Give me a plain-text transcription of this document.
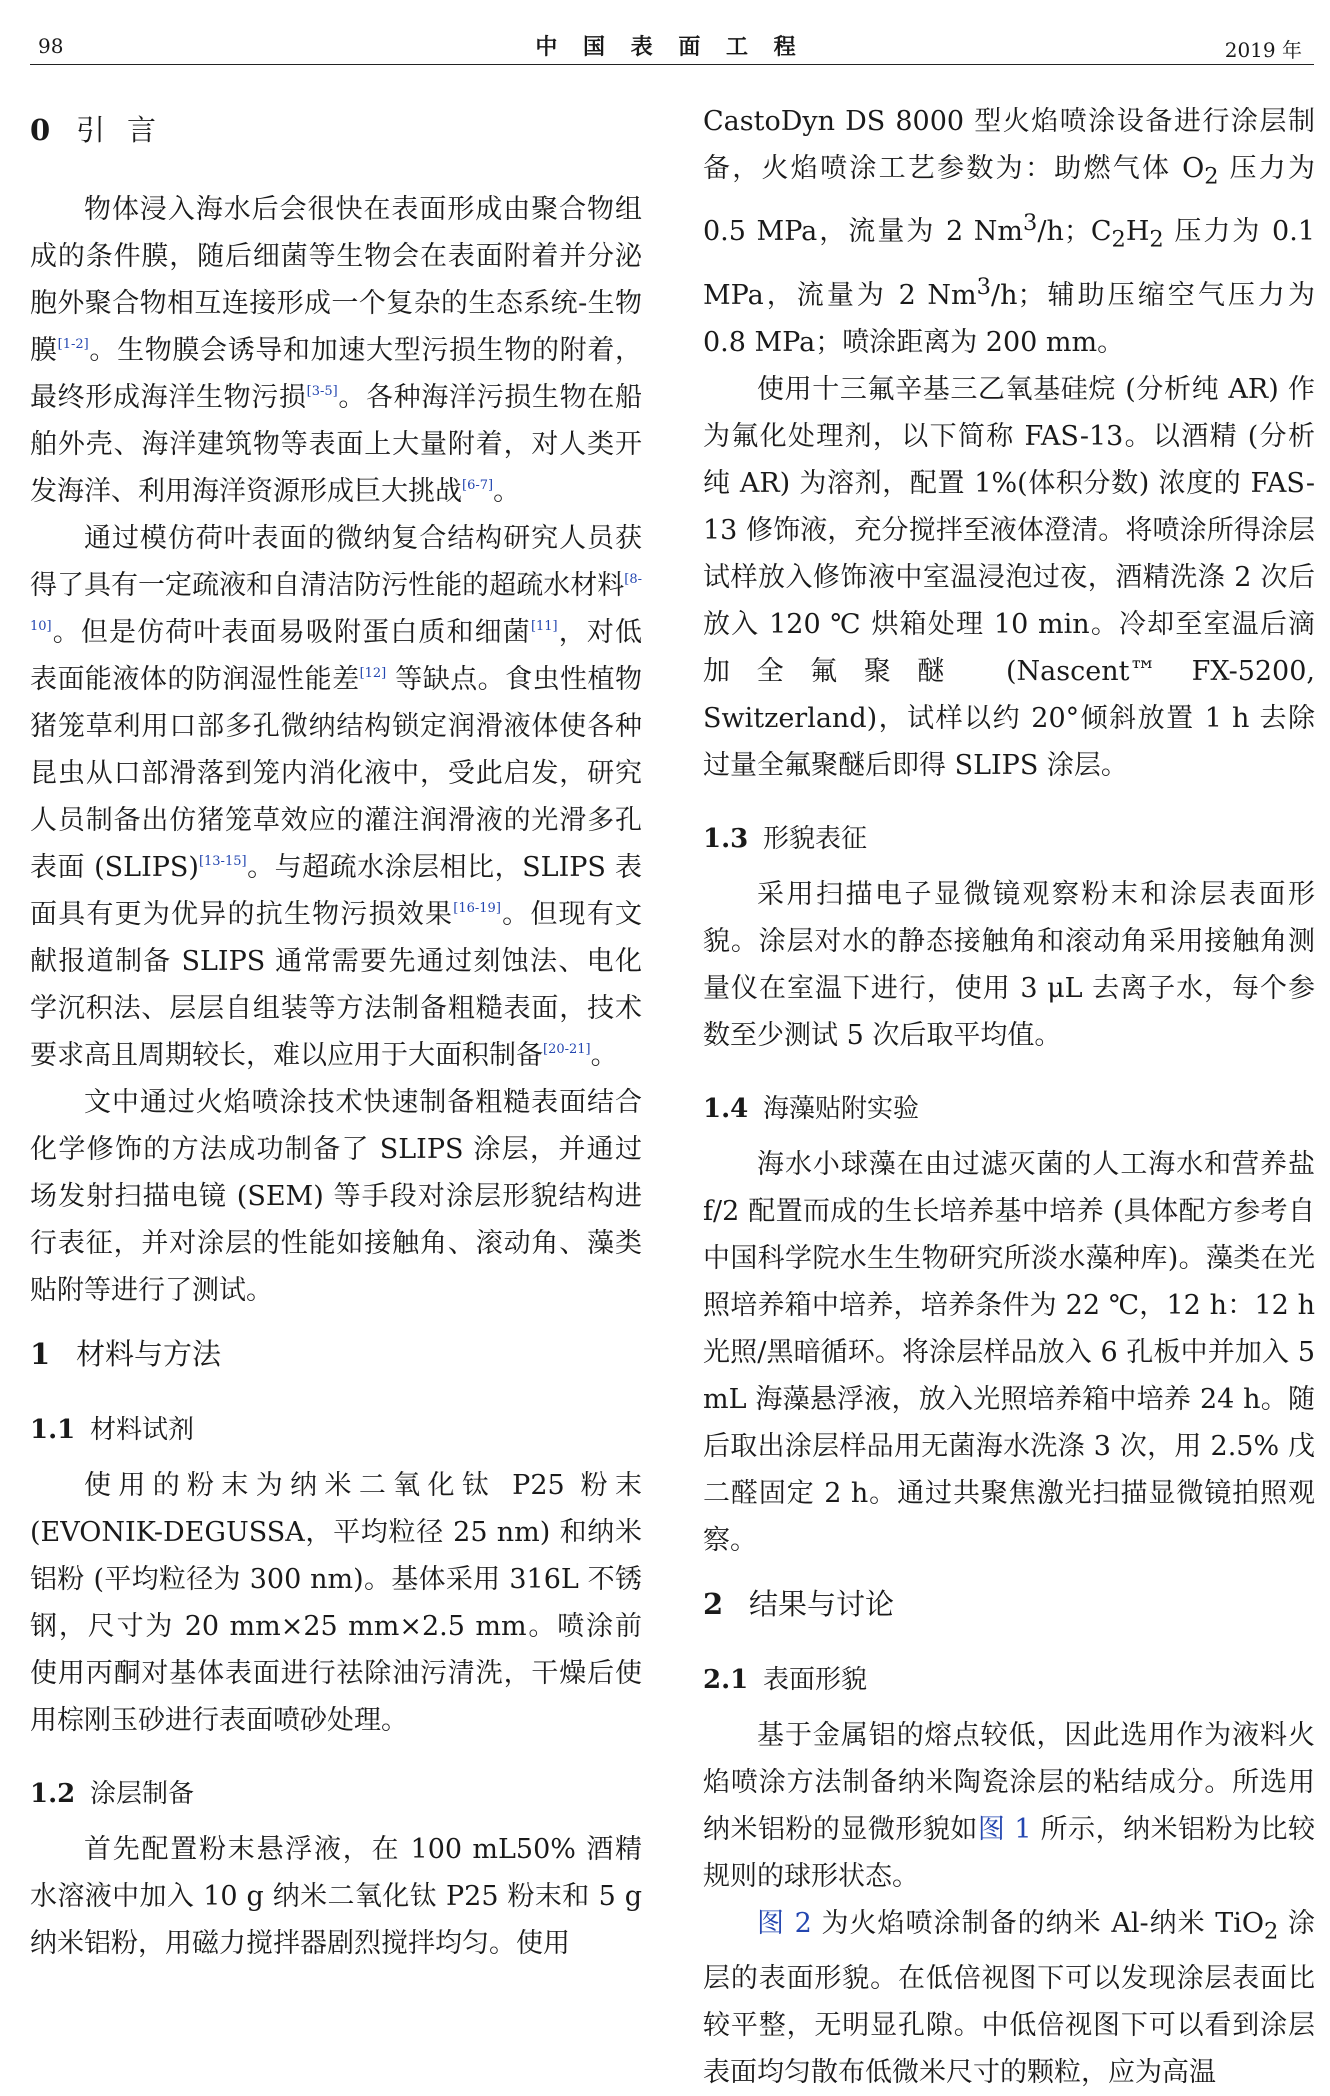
98	中 国 表 面 工 程	2019 年
0 引言

物体浸入海水后会很快在表面形成由聚合物组成的条件膜，随后细菌等生物会在表面附着并分泌胞外聚合物相互连接形成一个复杂的生态系统-生物膜[1-2]。生物膜会诱导和加速大型污损生物的附着，最终形成海洋生物污损[3-5]。各种海洋污损生物在船舶外壳、海洋建筑物等表面上大量附着，对人类开发海洋、利用海洋资源形成巨大挑战[6-7]。

通过模仿荷叶表面的微纳复合结构研究人员获得了具有一定疏液和自清洁防污性能的超疏水材料[8-10]。但是仿荷叶表面易吸附蛋白质和细菌[11]，对低表面能液体的防润湿性能差[12] 等缺点。食虫性植物猪笼草利用口部多孔微纳结构锁定润滑液体使各种昆虫从口部滑落到笼内消化液中，受此启发，研究人员制备出仿猪笼草效应的灌注润滑液的光滑多孔表面 (SLIPS)[13-15]。与超疏水涂层相比，SLIPS 表面具有更为优异的抗生物污损效果[16-19]。但现有文献报道制备 SLIPS 通常需要先通过刻蚀法、电化学沉积法、层层自组装等方法制备粗糙表面，技术要求高且周期较长，难以应用于大面积制备[20-21]。

文中通过火焰喷涂技术快速制备粗糙表面结合化学修饰的方法成功制备了 SLIPS 涂层，并通过场发射扫描电镜 (SEM) 等手段对涂层形貌结构进行表征，并对涂层的性能如接触角、滚动角、藻类贴附等进行了测试。

1 材料与方法
1.1 材料试剂

使用的粉末为纳米二氧化钛 P25 粉末 (EVONIK-DEGUSSA，平均粒径 25 nm) 和纳米铝粉 (平均粒径为 300 nm)。基体采用 316L 不锈钢，尺寸为 20 mm×25 mm×2.5 mm。喷涂前使用丙酮对基体表面进行祛除油污清洗，干燥后使用棕刚玉砂进行表面喷砂处理。

1.2 涂层制备

首先配置粉末悬浮液，在 100 mL50% 酒精水溶液中加入 10 g 纳米二氧化钛 P25 粉末和 5 g 纳米铝粉，用磁力搅拌器剧烈搅拌均匀。使用

CastoDyn DS 8000 型火焰喷涂设备进行涂层制备，火焰喷涂工艺参数为：助燃气体 $O_2$ 压力为 0.5 MPa，流量为 2 Nm$^3$/h；$C_2H_2$ 压力为 0.1 MPa，流量为 2 Nm$^3$/h；辅助压缩空气压力为 0.8 MPa；喷涂距离为 200 mm。

使用十三氟辛基三乙氧基硅烷 (分析纯 AR) 作为氟化处理剂，以下简称 FAS-13。以酒精 (分析纯 AR) 为溶剂，配置 1%(体积分数) 浓度的 FAS-13 修饰液，充分搅拌至液体澄清。将喷涂所得涂层试样放入修饰液中室温浸泡过夜，酒精洗涤 2 次后放入 120 ℃ 烘箱处理 10 min。冷却至室温后滴加全氟聚醚 (Nascent™ FX-5200, Switzerland)，试样以约 20°倾斜放置 1 h 去除过量全氟聚醚后即得 SLIPS 涂层。

1.3 形貌表征

采用扫描电子显微镜观察粉末和涂层表面形貌。涂层对水的静态接触角和滚动角采用接触角测量仪在室温下进行，使用 3 μL 去离子水，每个参数至少测试 5 次后取平均值。

1.4 海藻贴附实验

海水小球藻在由过滤灭菌的人工海水和营养盐 f/2 配置而成的生长培养基中培养 (具体配方参考自中国科学院水生生物研究所淡水藻种库)。藻类在光照培养箱中培养，培养条件为 22 ℃，12 h：12 h 光照/黑暗循环。将涂层样品放入 6 孔板中并加入 5 mL 海藻悬浮液，放入光照培养箱中培养 24 h。随后取出涂层样品用无菌海水洗涤 3 次，用 2.5% 戊二醛固定 2 h。通过共聚焦激光扫描显微镜拍照观察。

2 结果与讨论
2.1 表面形貌

基于金属铝的熔点较低，因此选用作为液料火焰喷涂方法制备纳米陶瓷涂层的粘结成分。所选用纳米铝粉的显微形貌如图 1 所示，纳米铝粉为比较规则的球形状态。

图 2 为火焰喷涂制备的纳米 Al-纳米 TiO$_2$ 涂层的表面形貌。在低倍视图下可以发现涂层表面比较平整，无明显孔隙。中低倍视图下可以看到涂层表面均匀散布低微米尺寸的颗粒，应为高温
